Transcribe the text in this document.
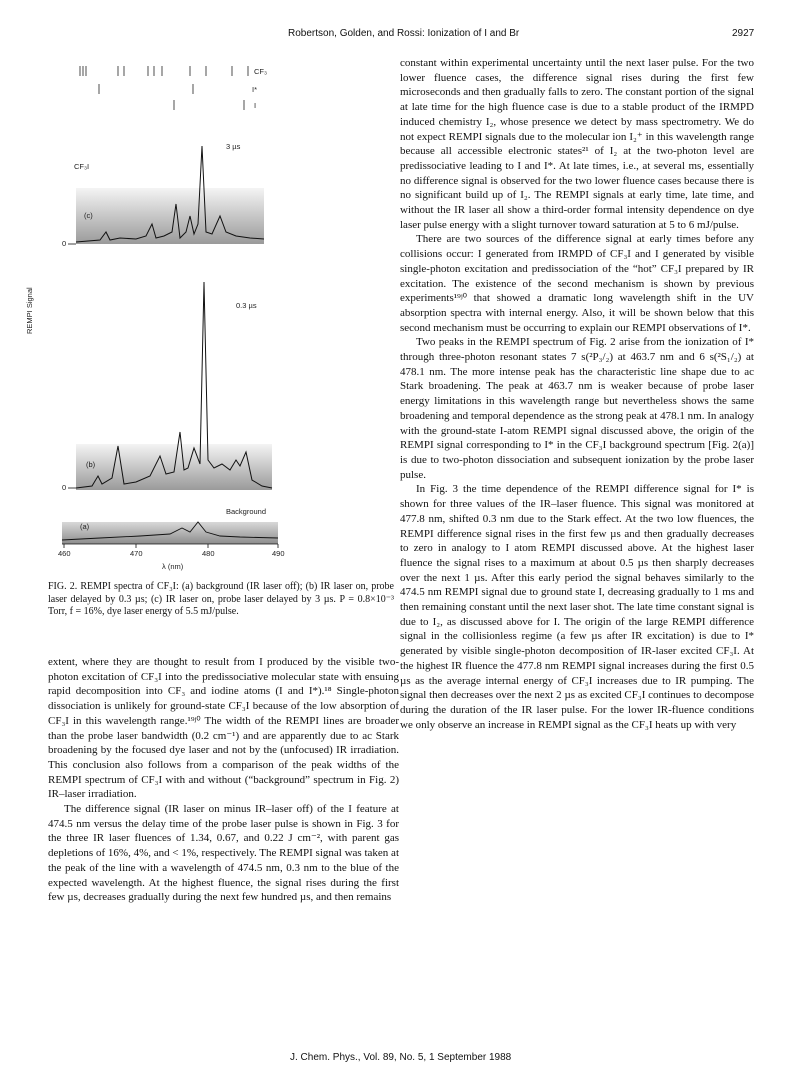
Robertson, Golden, and Rossi: Ionization of I and Br	2927
CF₃
I*
I
CF₃I
3 µs
(c)
0
REMPI Signal	0.3 µs
(b)
0
Background
(a)
460	470	480	490
λ (nm)
FIG. 2. REMPI spectra of CF₃I: (a) background (IR laser off); (b) IR laser on, probe laser delayed by 0.3 µs; (c) IR laser on, probe laser delayed by 3 µs. P = 0.8×10⁻³ Torr, f = 16%, dye laser energy of 5.5 mJ/pulse.

extent, where they are thought to result from I produced by the visible two-photon excitation of CF₃I into the predissociative molecular state with ensuing rapid decomposition into CF₃ and iodine atoms (I and I*).¹⁸ Single-photon dissociation is unlikely for ground-state CF₃I because of the low absorption of CF₃I in this wavelength range.¹⁹ʲ⁰ The width of the REMPI lines are broader than the probe laser bandwidth (0.2 cm⁻¹) and are apparently due to ac Stark broadening by the focused dye laser and not by the (unfocused) IR irradiation. This conclusion also follows from a comparison of the peak widths of the REMPI spectrum of CF₃I with and without (“background” spectrum in Fig. 2) IR–laser irradiation.

The difference signal (IR laser on minus IR–laser off) of the I feature at 474.5 nm versus the delay time of the probe laser pulse is shown in Fig. 3 for the three IR laser fluences of 1.34, 0.67, and 0.22 J cm⁻², with parent gas depletions of 16%, 4%, and < 1%, respectively. The REMPI signal was taken at the peak of the line with a wavelength of 474.5 nm, 0.3 nm to the blue of the expected wavelength. At the highest fluence, the signal rises during the first few µs, decreases gradually during the next few hundred µs, and then remains

constant within experimental uncertainty until the next laser pulse. For the two lower fluence cases, the difference signal rises during the first few microseconds and then gradually falls to zero. The constant portion of the signal at late time for the high fluence case is due to a stable product of the IRMPD induced chemistry I₂, whose presence we detect by mass spectrometry. We do not expect REMPI signals due to the molecular ion I₂⁺ in this wavelength range because all accessible electronic states²¹ of I₂ at the two-photon level are predissociative leading to I and I*. At late times, i.e., at several ms, essentially no difference signal is observed for the two lower fluence cases because there is no significant build up of I₂. The REMPI signals at early time, late time, and without the IR laser all show a third-order formal intensity dependence on dye laser pulse energy with a slight turnover toward saturation at 5 to 6 mJ/pulse.

There are two sources of the difference signal at early times before any collisions occur: I generated from IRMPD of CF₃I and I generated by visible single-photon excitation and predissociation of the “hot” CF₃I prepared by IR excitation. The existence of the second mechanism is shown by previous experiments¹⁹ʲ⁰ that showed a dramatic long wavelength shift in the UV absorption spectra with internal energy. Also, it will be shown below that this second mechanism must be occurring to explain our REMPI observations of I*.

Two peaks in the REMPI spectrum of Fig. 2 arise from the ionization of I* through three-photon resonant states 7 s(²P₃/₂) at 463.7 nm and 6 s(²S₁/₂) at 478.1 nm. The more intense peak has the characteristic line shape due to ac Stark broadening. The peak at 463.7 nm is weaker because of probe laser energy limitations in this wavelength range but nevertheless shows the same broadening and temporal dependence as the strong peak at 478.1 nm. In analogy with the ground-state I-atom REMPI signal discussed above, the origin of the REMPI signal corresponding to I* in the CF₃I background spectrum [Fig. 2(a)] is due to two-photon dissociation and subsequent ionization by the probe laser pulse.

In Fig. 3 the time dependence of the REMPI difference signal for I* is shown for three values of the IR–laser fluence. This signal was monitored at 477.8 nm, shifted 0.3 nm due to the Stark effect. At the two low fluences, the REMPI difference signal rises in the first few µs and then gradually decreases to zero in analogy to I atom REMPI discussed above. At the highest laser fluence the signal rises to a maximum at about 0.5 µs then sharply decreases over the next 1 µs. After this early period the signal behaves similarly to the 474.5 nm REMPI signal due to ground state I, decreasing gradually to 1 ms and then remaining constant until the next laser shot. The late time constant signal is due to I₂, as discussed above for I. The origin of the large REMPI difference signal in the collisionless regime (a few µs after IR excitation) is due to I* generated by visible single-photon decomposition of IR-laser excited CF₃I. At the highest IR fluence the 477.8 nm REMPI signal increases during the first 0.5 µs as the average internal energy of CF₃I increases due to IR pumping. The signal then decreases over the next 2 µs as excited CF₃I continues to decompose during the duration of the IR laser pulse. For the lower IR-fluence conditions we only observe an increase in REMPI signal as the CF₃I heats up with very

J. Chem. Phys., Vol. 89, No. 5, 1 September 1988
